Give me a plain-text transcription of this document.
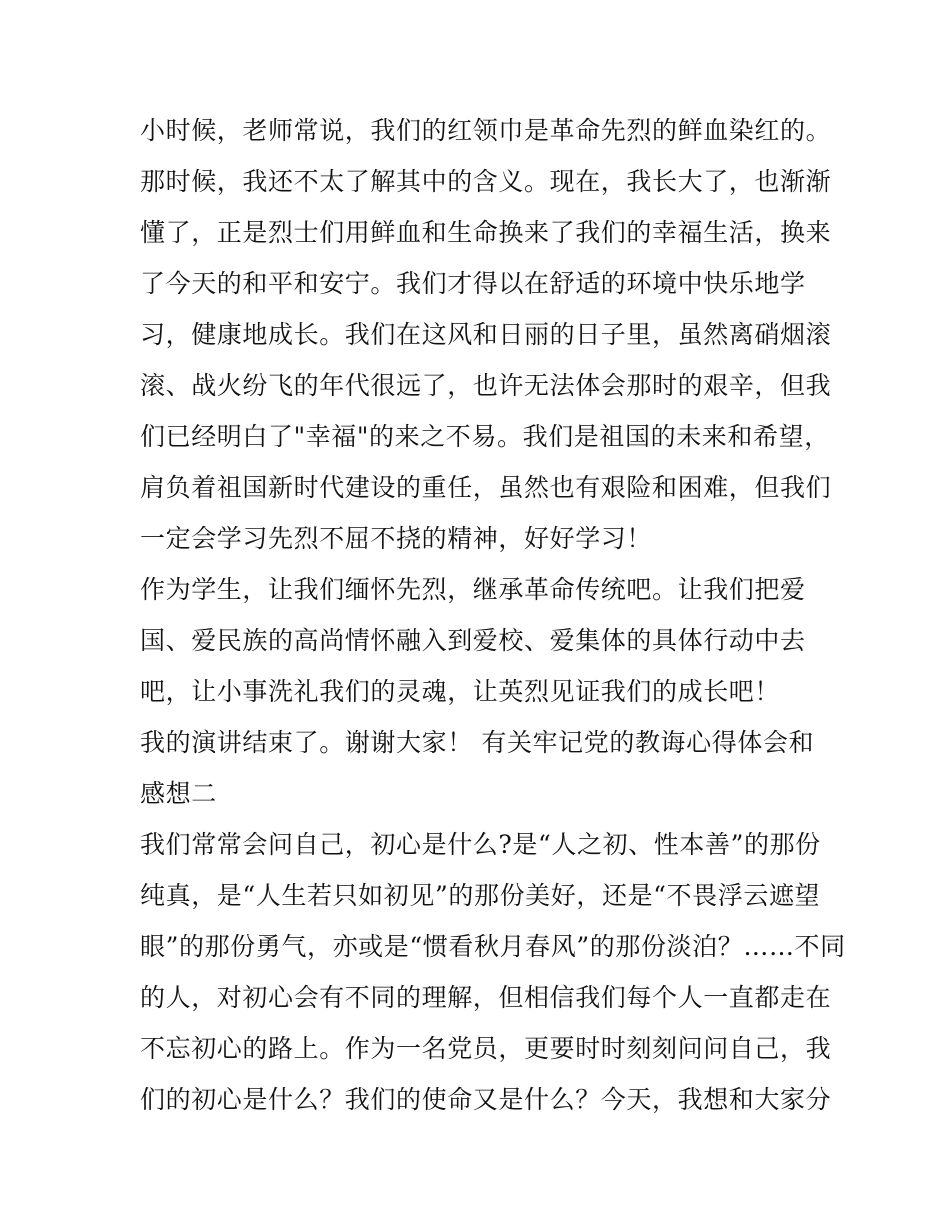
小时候，老师常说，我们的红领巾是革命先烈的鲜血染红的。
那时候，我还不太了解其中的含义。现在，我长大了，也渐渐
懂了，正是烈士们用鲜血和生命换来了我们的幸福生活，换来
了今天的和平和安宁。我们才得以在舒适的环境中快乐地学
习，健康地成长。我们在这风和日丽的日子里，虽然离硝烟滚
滚、战火纷飞的年代很远了，也许无法体会那时的艰辛，但我
们已经明白了"幸福"的来之不易。我们是祖国的未来和希望，
肩负着祖国新时代建设的重任，虽然也有艰险和困难，但我们
一定会学习先烈不屈不挠的精神，好好学习！
作为学生，让我们缅怀先烈，继承革命传统吧。让我们把爱
国、爱民族的高尚情怀融入到爱校、爱集体的具体行动中去
吧，让小事洗礼我们的灵魂，让英烈见证我们的成长吧！
我的演讲结束了。谢谢大家！ 有关牢记党的教诲心得体会和
感想二
我们常常会问自己，初心是什么?是“人之初、性本善”的那份
纯真，是“人生若只如初见”的那份美好，还是“不畏浮云遮望
眼”的那份勇气，亦或是“惯看秋月春风”的那份淡泊？……不同
的人，对初心会有不同的理解，但相信我们每个人一直都走在
不忘初心的路上。作为一名党员，更要时时刻刻问问自己，我
们的初心是什么？我们的使命又是什么？今天，我想和大家分
